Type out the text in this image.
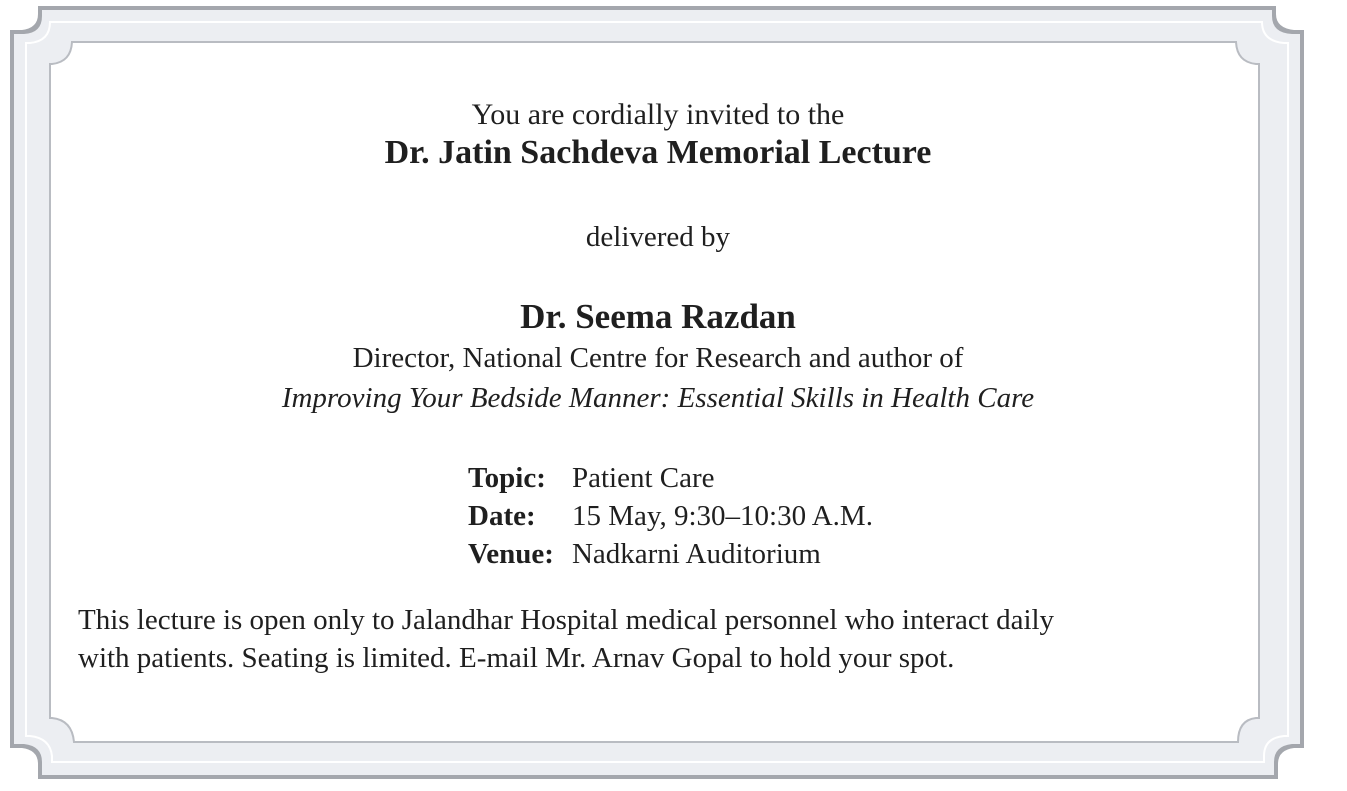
You are cordially invited to the
Dr. Jatin Sachdeva Memorial Lecture
delivered by
Dr. Seema Razdan
Director, National Centre for Research and author of
Improving Your Bedside Manner: Essential Skills in Health Care
Topic:	Patient Care
Date:	15 May, 9:30–10:30 A.M.
Venue:	Nadkarni Auditorium

This lecture is open only to Jalandhar Hospital medical personnel who interact daily

with patients. Seating is limited. E-mail Mr. Arnav Gopal to hold your spot.
